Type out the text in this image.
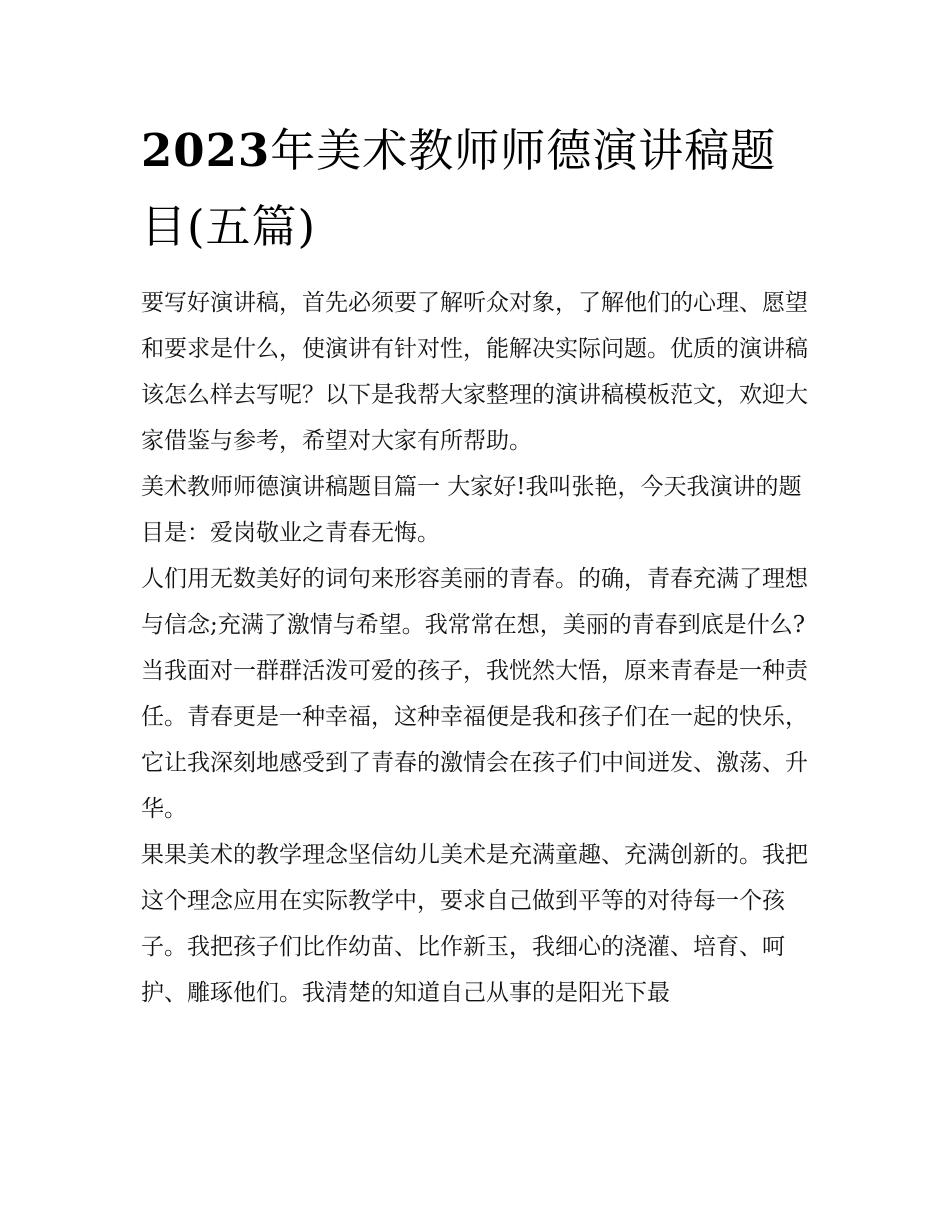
2023年美术教师师德演讲稿题目(五篇)

要写好演讲稿，首先必须要了解听众对象，了解他们的心理、愿望和要求是什么，使演讲有针对性，能解决实际问题。优质的演讲稿该怎么样去写呢？以下是我帮大家整理的演讲稿模板范文，欢迎大家借鉴与参考，希望对大家有所帮助。

美术教师师德演讲稿题目篇一 大家好!我叫张艳，今天我演讲的题目是：爱岗敬业之青春无悔。

人们用无数美好的词句来形容美丽的青春。的确，青春充满了理想与信念;充满了激情与希望。我常常在想，美丽的青春到底是什么?当我面对一群群活泼可爱的孩子，我恍然大悟，原来青春是一种责任。青春更是一种幸福，这种幸福便是我和孩子们在一起的快乐，它让我深刻地感受到了青春的激情会在孩子们中间迸发、激荡、升华。

果果美术的教学理念坚信幼儿美术是充满童趣、充满创新的。我把这个理念应用在实际教学中，要求自己做到平等的对待每一个孩子。我把孩子们比作幼苗、比作新玉，我细心的浇灌、培育、呵护、雕琢他们。我清楚的知道自己从事的是阳光下最
